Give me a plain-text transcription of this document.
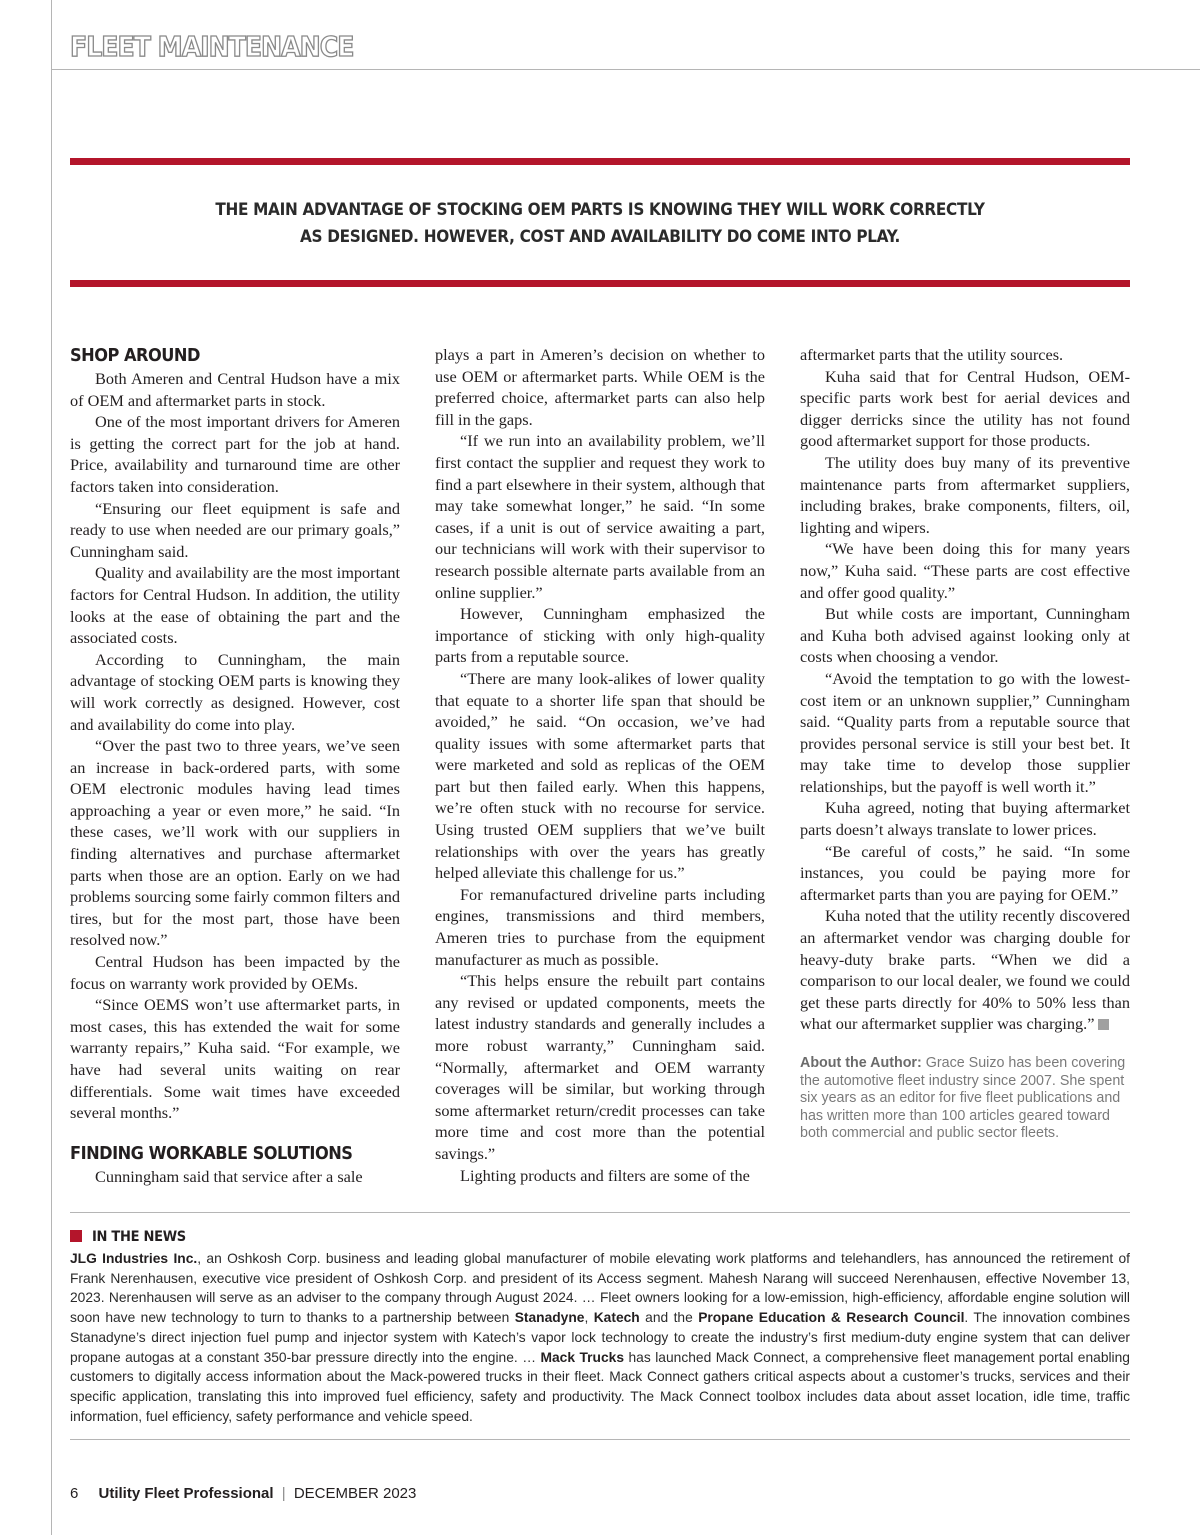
FLEET MAINTENANCE
THE MAIN ADVANTAGE OF STOCKING OEM PARTS IS KNOWING THEY WILL WORK CORRECTLY
AS DESIGNED. HOWEVER, COST AND AVAILABILITY DO COME INTO PLAY.
SHOP AROUND

Both Ameren and Central Hudson have a mix of OEM and aftermarket parts in stock.

One of the most important drivers for Ameren is getting the correct part for the job at hand. Price, availability and turnaround time are other factors taken into consideration.

“Ensuring our fleet equipment is safe and ready to use when needed are our primary goals,” Cunningham said.

Quality and availability are the most important factors for Central Hudson. In addition, the utility looks at the ease of obtaining the part and the associated costs.

According to Cunningham, the main advantage of stocking OEM parts is knowing they will work correctly as designed. However, cost and availability do come into play.

“Over the past two to three years, we’ve seen an increase in back-ordered parts, with some OEM electronic modules having lead times approaching a year or even more,” he said. “In these cases, we’ll work with our suppliers in finding alternatives and purchase aftermarket parts when those are an option. Early on we had problems sourcing some fairly common filters and tires, but for the most part, those have been resolved now.”

Central Hudson has been impacted by the focus on warranty work provided by OEMs.

“Since OEMS won’t use aftermarket parts, in most cases, this has extended the wait for some warranty repairs,” Kuha said. “For example, we have had several units waiting on rear differentials. Some wait times have exceeded several months.”

FINDING WORKABLE SOLUTIONS

Cunningham said that service after a sale

plays a part in Ameren’s decision on whether to use OEM or aftermarket parts. While OEM is the preferred choice, aftermarket parts can also help fill in the gaps.

“If we run into an availability problem, we’ll first contact the supplier and request they work to find a part elsewhere in their system, although that may take somewhat longer,” he said. “In some cases, if a unit is out of service awaiting a part, our technicians will work with their supervisor to research possible alternate parts available from an online supplier.”

However, Cunningham emphasized the importance of sticking with only high-quality parts from a reputable source.

“There are many look-alikes of lower quality that equate to a shorter life span that should be avoided,” he said. “On occasion, we’ve had quality issues with some aftermarket parts that were marketed and sold as replicas of the OEM part but then failed early. When this happens, we’re often stuck with no recourse for service. Using trusted OEM suppliers that we’ve built relationships with over the years has greatly helped alleviate this challenge for us.”

For remanufactured driveline parts including engines, transmissions and third members, Ameren tries to purchase from the equipment manufacturer as much as possible.

“This helps ensure the rebuilt part contains any revised or updated components, meets the latest industry standards and generally includes a more robust warranty,” Cunningham said. “Normally, aftermarket and OEM warranty coverages will be similar, but working through some aftermarket return/credit processes can take more time and cost more than the potential savings.”

Lighting products and filters are some of the

aftermarket parts that the utility sources.

Kuha said that for Central Hudson, OEM-specific parts work best for aerial devices and digger derricks since the utility has not found good aftermarket support for those products.

The utility does buy many of its preventive maintenance parts from aftermarket suppliers, including brakes, brake components, filters, oil, lighting and wipers.

“We have been doing this for many years now,” Kuha said. “These parts are cost effective and offer good quality.”

But while costs are important, Cunningham and Kuha both advised against looking only at costs when choosing a vendor.

“Avoid the temptation to go with the lowest-cost item or an unknown supplier,” Cunningham said. “Quality parts from a reputable source that provides personal service is still your best bet. It may take time to develop those supplier relationships, but the payoff is well worth it.”

Kuha agreed, noting that buying aftermarket parts doesn’t always translate to lower prices.

“Be careful of costs,” he said. “In some instances, you could be paying more for aftermarket parts than you are paying for OEM.”

Kuha noted that the utility recently discovered an aftermarket vendor was charging double for heavy-duty brake parts. “When we did a comparison to our local dealer, we found we could get these parts directly for 40% to 50% less than what our aftermarket supplier was charging.”

About the Author: Grace Suizo has been covering the automotive fleet industry since 2007. She spent six years as an editor for five fleet publications and has written more than 100 articles geared toward both commercial and public sector fleets.
IN THE NEWS

JLG Industries Inc., an Oshkosh Corp. business and leading global manufacturer of mobile elevating work platforms and telehandlers, has announced the retirement of Frank Nerenhausen, executive vice president of Oshkosh Corp. and president of its Access segment. Mahesh Narang will succeed Nerenhausen, effective November 13, 2023. Nerenhausen will serve as an adviser to the company through August 2024. … Fleet owners looking for a low-emission, high-efficiency, affordable engine solution will soon have new technology to turn to thanks to a partnership between Stanadyne, Katech and the Propane Education & Research Council. The innovation combines Stanadyne’s direct injection fuel pump and injector system with Katech’s vapor lock technology to create the industry’s first medium-duty engine system that can deliver propane autogas at a constant 350-bar pressure directly into the engine. … Mack Trucks has launched Mack Connect, a comprehensive fleet management portal enabling customers to digitally access information about the Mack-powered trucks in their fleet. Mack Connect gathers critical aspects about a customer’s trucks, services and their specific application, translating this into improved fuel efficiency, safety and productivity. The Mack Connect toolbox includes data about asset location, idle time, traffic information, fuel efficiency, safety performance and vehicle speed.

6 Utility Fleet Professional | DECEMBER 2023
